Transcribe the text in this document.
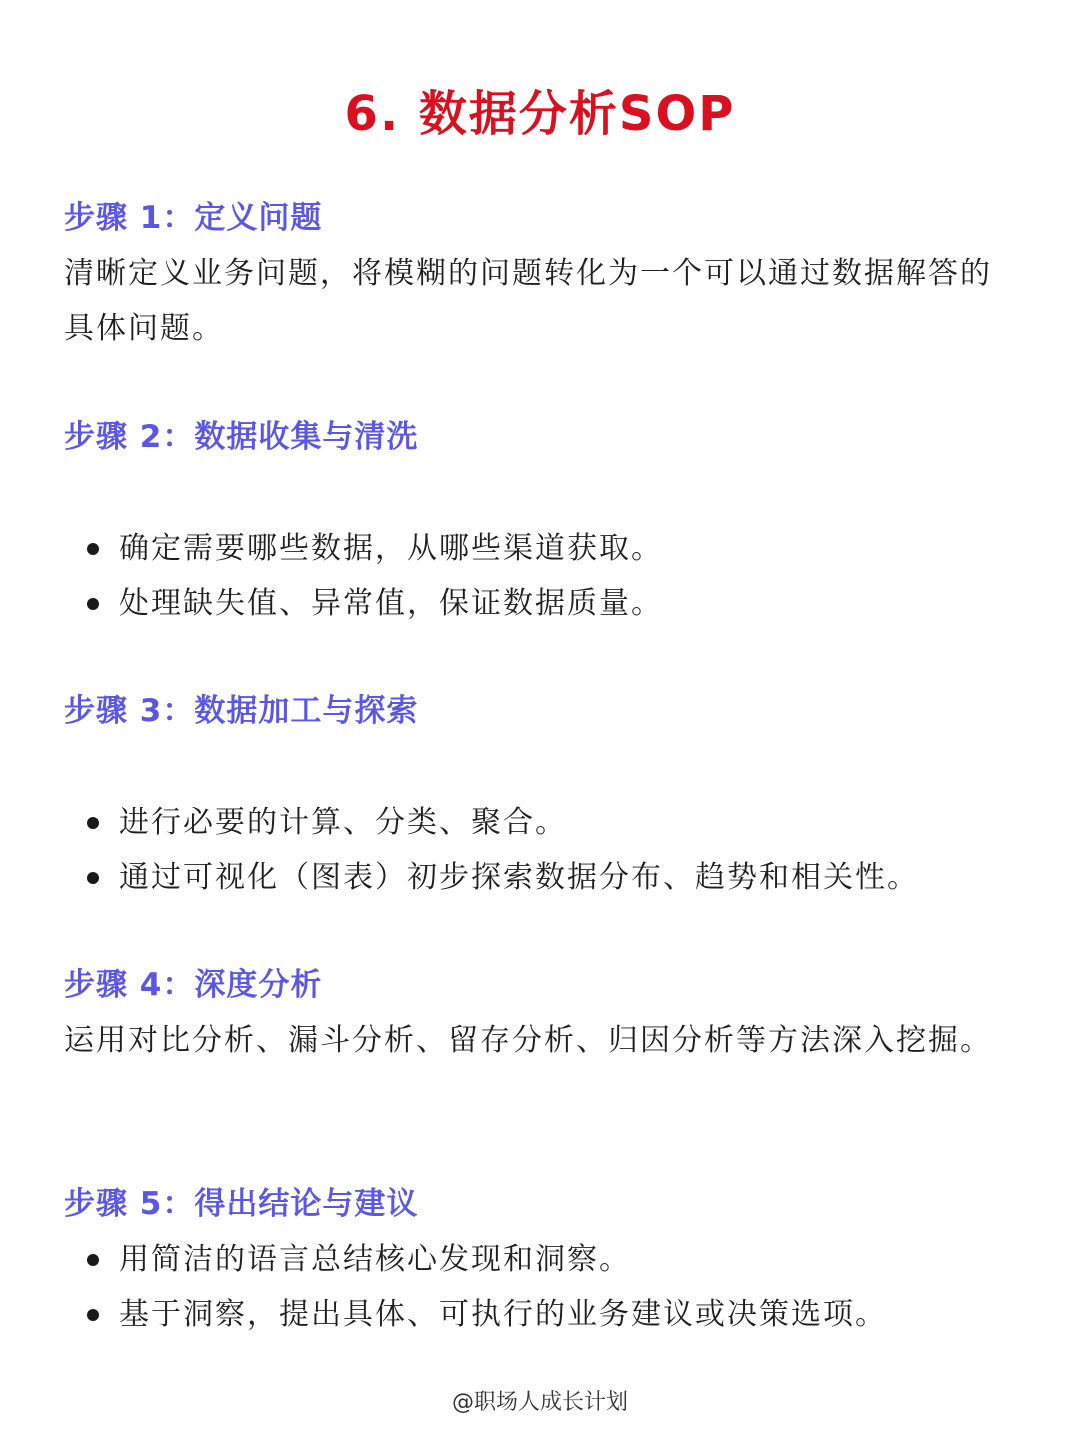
6. 数据分析SOP
步骤 1：定义问题

清晰定义业务问题，将模糊的问题转化为一个可以通过数据解答的具体问题。

步骤 2：数据收集与清洗
确定需要哪些数据，从哪些渠道获取。
处理缺失值、异常值，保证数据质量。
步骤 3：数据加工与探索
进行必要的计算、分类、聚合。
通过可视化（图表）初步探索数据分布、趋势和相关性。
步骤 4：深度分析

运用对比分析、漏斗分析、留存分析、归因分析等方法深入挖掘。

步骤 5：得出结论与建议
用简洁的语言总结核心发现和洞察。
基于洞察，提出具体、可执行的业务建议或决策选项。

@职场人成长计划
